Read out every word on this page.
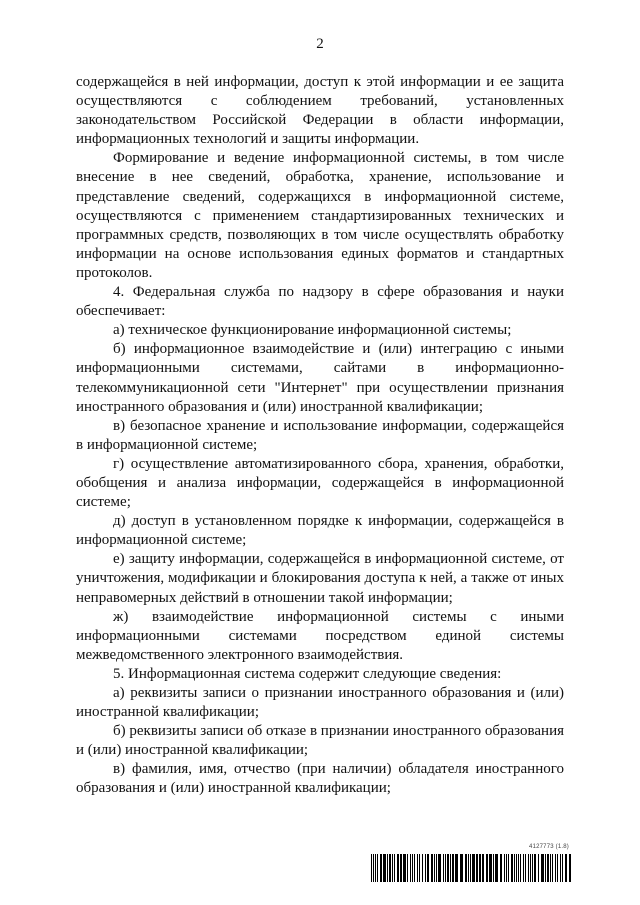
2

содержащейся в ней информации, доступ к этой информации и ее защита осуществляются с соблюдением требований, установленных законодательством Российской Федерации в области информации, информационных технологий и защиты информации.

Формирование и ведение информационной системы, в том числе внесение в нее сведений, обработка, хранение, использование и представление сведений, содержащихся в информационной системе, осуществляются с применением стандартизированных технических и программных средств, позволяющих в том числе осуществлять обработку информации на основе использования единых форматов и стандартных протоколов.

4. Федеральная служба по надзору в сфере образования и науки обеспечивает:

а) техническое функционирование информационной системы;

б) информационное взаимодействие и (или) интеграцию с иными информационными системами, сайтами в информационно-телекоммуникационной сети "Интернет" при осуществлении признания иностранного образования и (или) иностранной квалификации;

в) безопасное хранение и использование информации, содержащейся в информационной системе;

г) осуществление автоматизированного сбора, хранения, обработки, обобщения и анализа информации, содержащейся в информационной системе;

д) доступ в установленном порядке к информации, содержащейся в информационной системе;

е) защиту информации, содержащейся в информационной системе, от уничтожения, модификации и блокирования доступа к ней, а также от иных неправомерных действий в отношении такой информации;

ж) взаимодействие информационной системы с иными информационными системами посредством единой системы межведомственного электронного взаимодействия.

5. Информационная система содержит следующие сведения:

а) реквизиты записи о признании иностранного образования и (или) иностранной квалификации;

б) реквизиты записи об отказе в признании иностранного образования и (или) иностранной квалификации;

в) фамилия, имя, отчество (при наличии) обладателя иностранного образования и (или) иностранной квалификации;

4127773 (1.8)
